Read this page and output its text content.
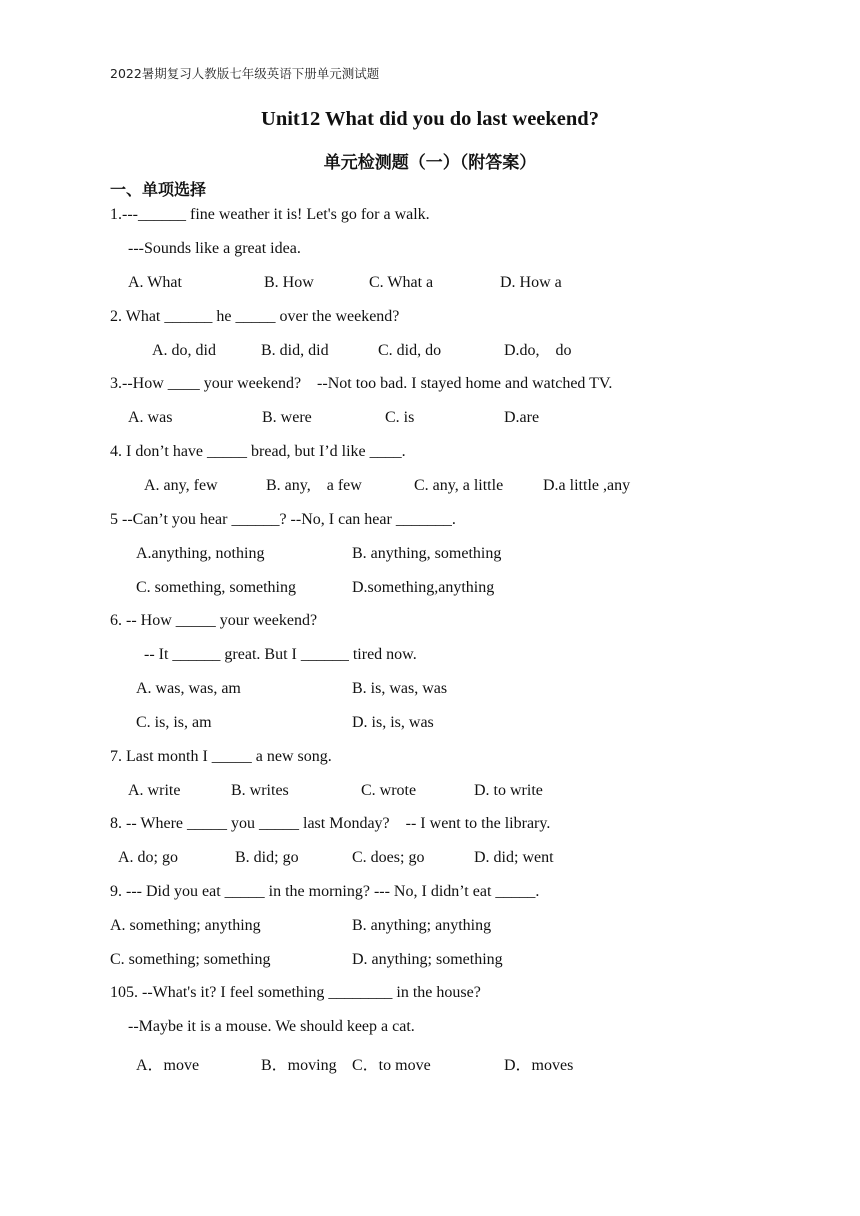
2022暑期复习人教版七年级英语下册单元测试题
Unit12 What did you do last weekend?
单元检测题（一）（附答案）
一、单项选择
1.---______ fine weather it is! Let's go for a walk.
---Sounds like a great idea.
A. What	B. How	C. What a	D. How a
2. What ______ he _____ over the weekend?
A. do, did	B. did, did	C. did, do	D.do,    do
3.--How ____ your weekend?    --Not too bad. I stayed home and watched TV.
A. was	B. were	C. is	D.are
4. I don’t have _____ bread, but I’d like ____.
A. any, few	B. any,    a few	C. any, a little D.a little ,any
5 --Can’t you hear ______? --No, I can hear _______.
A.anything, nothing	B. anything, something
C. something, something	D.something,anything
6. -- How _____ your weekend?
-- It ______ great. But I ______ tired now.
A. was, was, am	B. is, was, was
C. is, is, am	D. is, is, was
7. Last month I _____ a new song.
A. write	B. writes	C. wrote	D. to write
8. -- Where _____ you _____ last Monday?    -- I went to the library.
A. do; go	B. did; go	C. does; go	D. did; went
9. --- Did you eat _____ in the morning? --- No, I didn’t eat _____.
A. something; anything	B. anything; anything
C. something; something	D. anything; something
105. --What's it? I feel something ________ in the house?
--Maybe it is a mouse. We should keep a cat.
A．move	B．moving C．to move	D．moves
